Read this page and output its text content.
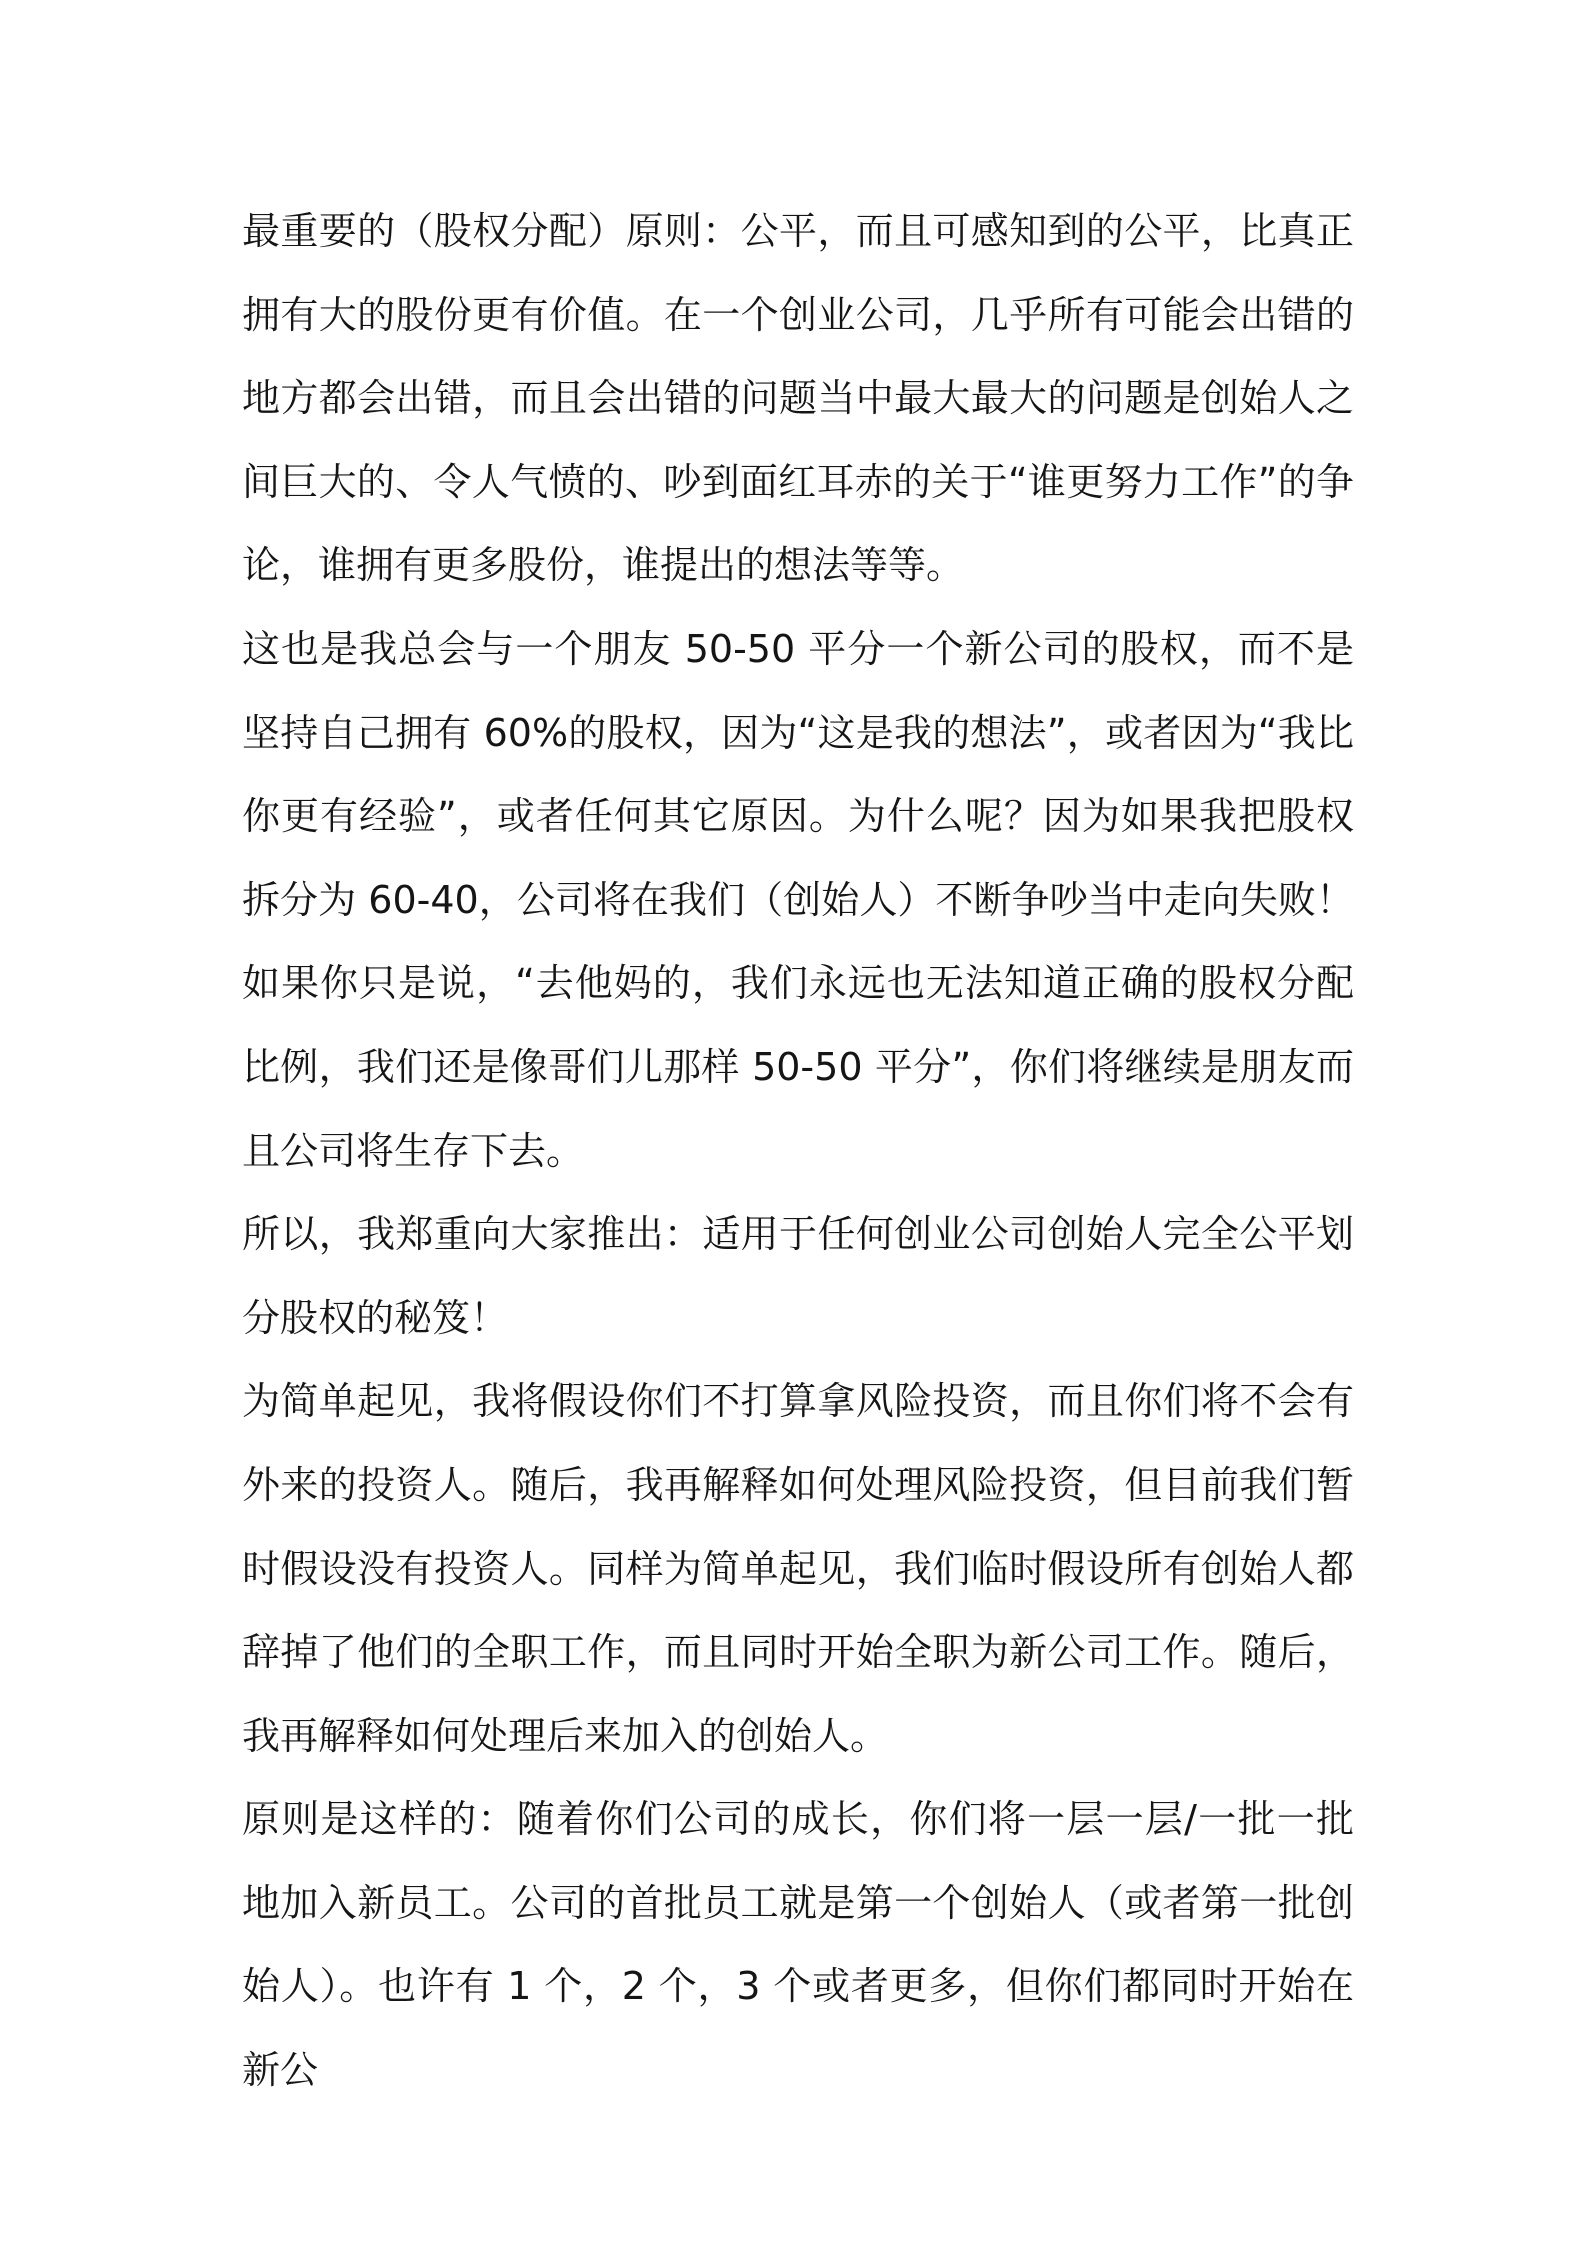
最重要的（股权分配）原则：公平，而且可感知到的公平，比真正拥有大的股份更有价值。在一个创业公司，几乎所有可能会出错的地方都会出错，而且会出错的问题当中最大最大的问题是创始人之间巨大的、令人气愤的、吵到面红耳赤的关于“谁更努力工作”的争论，谁拥有更多股份，谁提出的想法等等。

这也是我总会与一个朋友 50-50 平分一个新公司的股权，而不是坚持自己拥有 60%的股权，因为“这是我的想法”，或者因为“我比你更有经验”，或者任何其它原因。为什么呢？因为如果我把股权拆分为 60-40，公司将在我们（创始人）不断争吵当中走向失败！如果你只是说，“去他妈的，我们永远也无法知道正确的股权分配比例，我们还是像哥们儿那样 50-50 平分”，你们将继续是朋友而且公司将生存下去。

所以，我郑重向大家推出：适用于任何创业公司创始人完全公平划分股权的秘笈！

为简单起见，我将假设你们不打算拿风险投资，而且你们将不会有外来的投资人。随后，我再解释如何处理风险投资，但目前我们暂时假设没有投资人。同样为简单起见，我们临时假设所有创始人都辞掉了他们的全职工作，而且同时开始全职为新公司工作。随后，我再解释如何处理后来加入的创始人。

原则是这样的：随着你们公司的成长，你们将一层一层/一批一批地加入新员工。公司的首批员工就是第一个创始人（或者第一批创始人）。也许有 1 个，2 个，3 个或者更多，但你们都同时开始在新公
